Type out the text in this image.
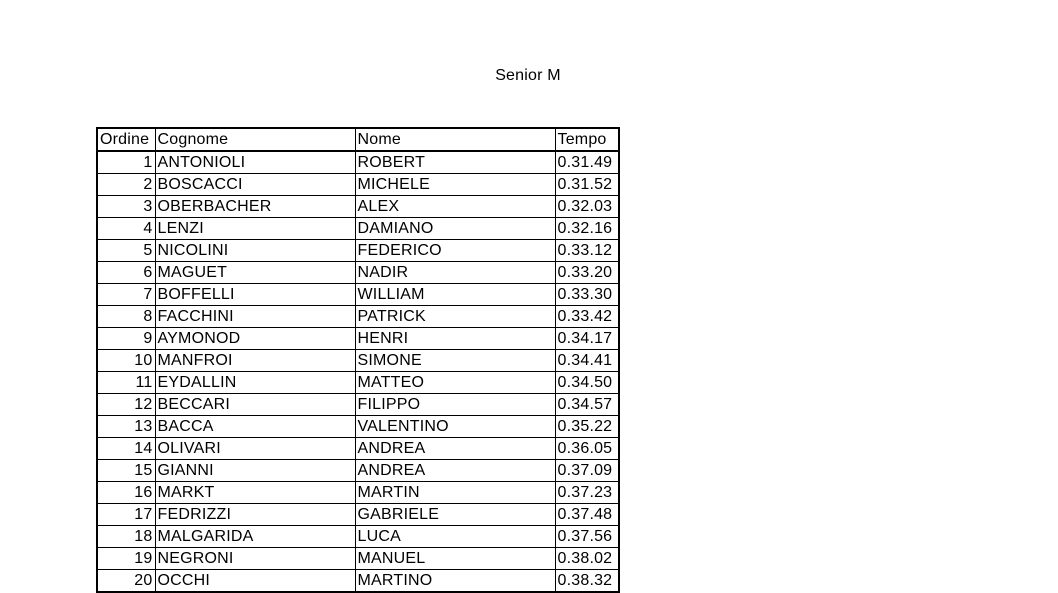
Senior M
Ordine	Cognome	Nome	Tempo
1	ANTONIOLI	ROBERT	0.31.49
2	BOSCACCI	MICHELE	0.31.52
3	OBERBACHER	ALEX	0.32.03
4	LENZI	DAMIANO	0.32.16
5	NICOLINI	FEDERICO	0.33.12
6	MAGUET	NADIR	0.33.20
7	BOFFELLI	WILLIAM	0.33.30
8	FACCHINI	PATRICK	0.33.42
9	AYMONOD	HENRI	0.34.17
10	MANFROI	SIMONE	0.34.41
11	EYDALLIN	MATTEO	0.34.50
12	BECCARI	FILIPPO	0.34.57
13	BACCA	VALENTINO	0.35.22
14	OLIVARI	ANDREA	0.36.05
15	GIANNI	ANDREA	0.37.09
16	MARKT	MARTIN	0.37.23
17	FEDRIZZI	GABRIELE	0.37.48
18	MALGARIDA	LUCA	0.37.56
19	NEGRONI	MANUEL	0.38.02
20	OCCHI	MARTINO	0.38.32
